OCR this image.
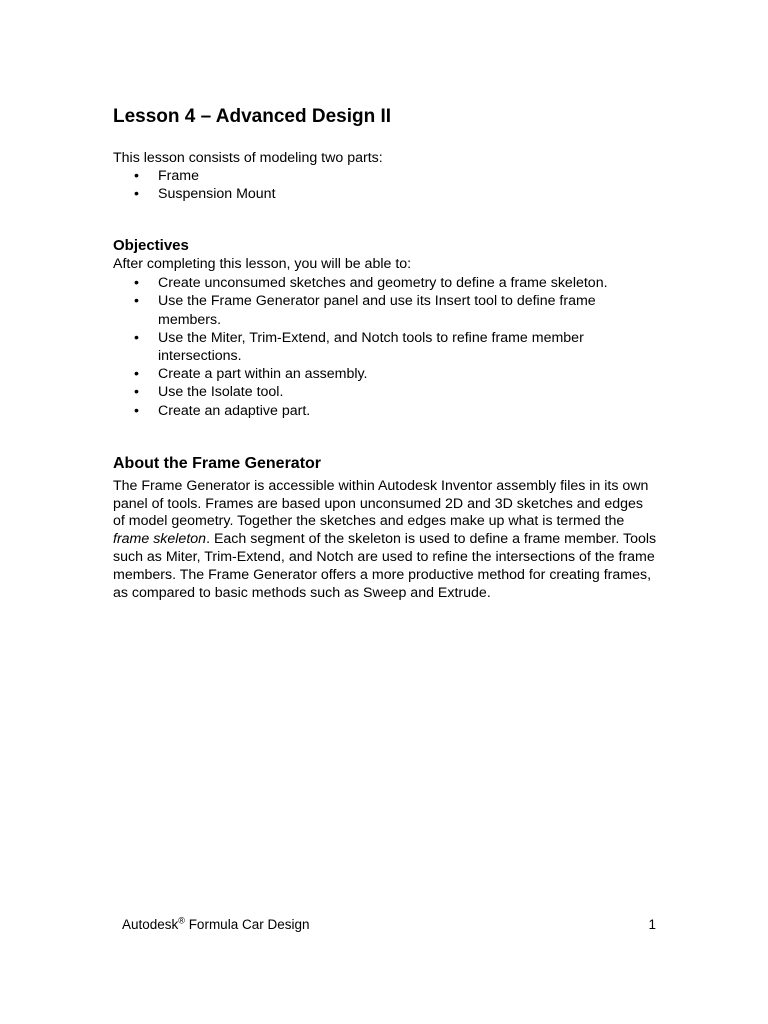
Lesson 4 – Advanced Design II

This lesson consists of modeling two parts:

• Frame
• Suspension Mount
Objectives

After completing this lesson, you will be able to:

• Create unconsumed sketches and geometry to define a frame skeleton.
• Use the Frame Generator panel and use its Insert tool to define frame members.
• Use the Miter, Trim-Extend, and Notch tools to refine frame member intersections.
• Create a part within an assembly.
• Use the Isolate tool.
• Create an adaptive part.
About the Frame Generator

The Frame Generator is accessible within Autodesk Inventor assembly files in its own panel of tools. Frames are based upon unconsumed 2D and 3D sketches and edges of model geometry. Together the sketches and edges make up what is termed the frame skeleton. Each segment of the skeleton is used to define a frame member. Tools such as Miter, Trim-Extend, and Notch are used to refine the intersections of the frame members. The Frame Generator offers a more productive method for creating frames, as compared to basic methods such as Sweep and Extrude.

Autodesk® Formula Car Design	1
